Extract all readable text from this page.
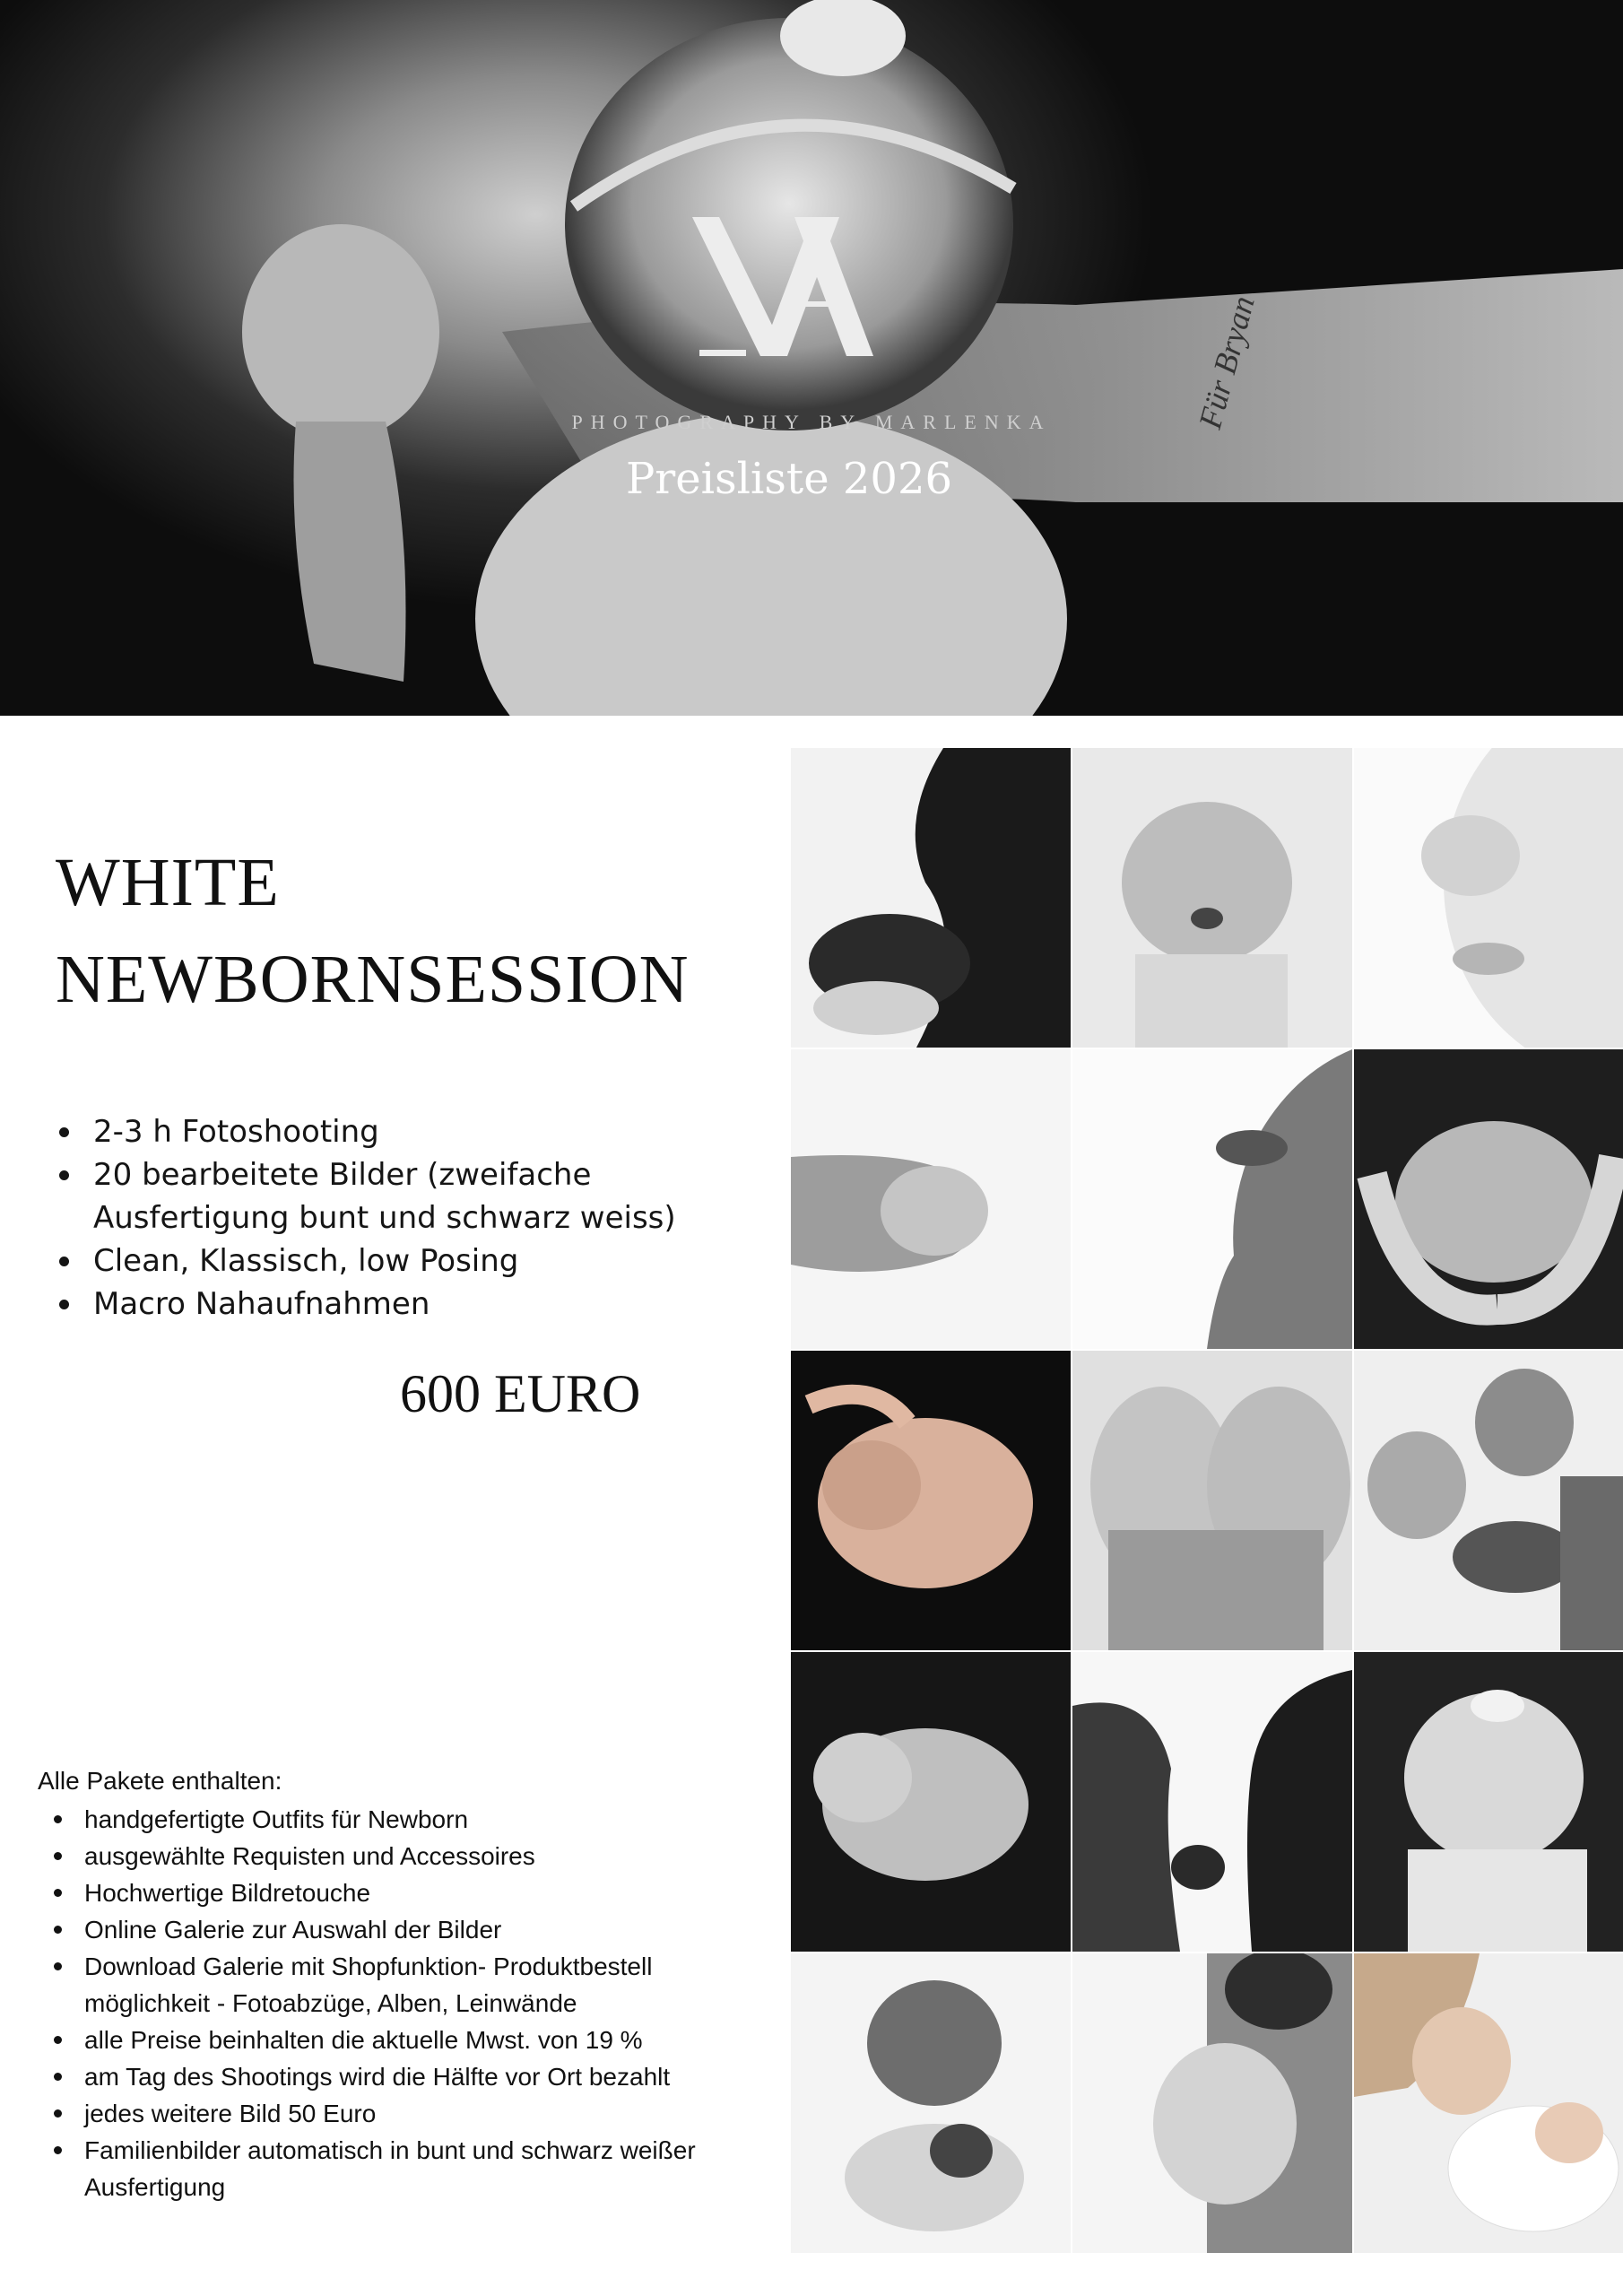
Für Bryan
PHOTOGRAPHY BY MARLENKA
Preisliste 2026
WHITE
NEWBORNSESSION
2-3 h Fotoshooting
20 bearbeitete Bilder (zweifache Ausfertigung bunt und schwarz weiss)
Clean, Klassisch, low Posing
Macro Nahaufnahmen
600 EURO
Alle Pakete enthalten:
handgefertigte Outfits für Newborn
ausgewählte Requisten und Accessoires
Hochwertige Bildretouche
Online Galerie zur Auswahl der Bilder
Download Galerie mit Shopfunktion- Produktbestell möglichkeit - Fotoabzüge, Alben, Leinwände
alle Preise beinhalten die aktuelle Mwst. von 19 %
am Tag des Shootings wird die Hälfte vor Ort bezahlt
jedes weitere Bild 50 Euro
Familienbilder automatisch in bunt und schwarz weißer Ausfertigung
